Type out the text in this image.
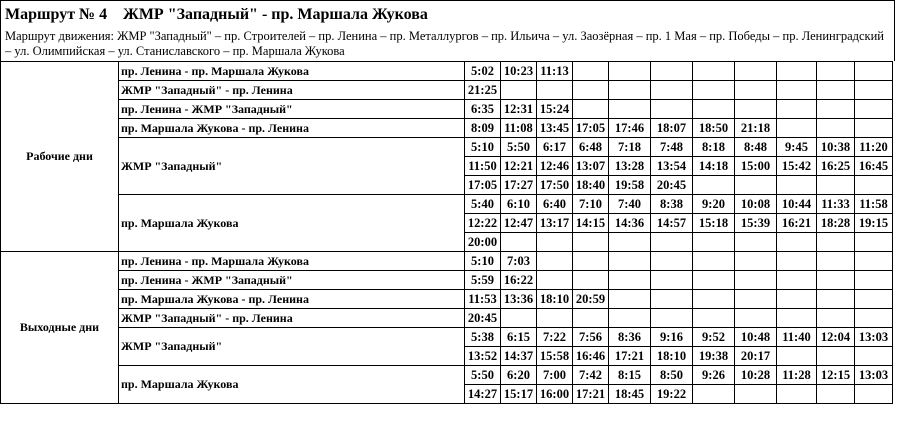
Маршрут № 4 ЖМР "Западный" - пр. Маршала Жукова
Маршрут движения: ЖМР "Западный" – пр. Строителей – пр. Ленина – пр. Металлургов – пр. Ильича – ул. Заозёрная – пр. 1 Мая – пр. Победы – пр. Ленинградский – ул. Олимпийская – ул. Станиславского – пр. Маршала Жукова
Рабочие дни	пр. Ленина - пр. Маршала Жукова	5:02	10:23	11:13								
	ЖМР "Западный" - пр. Ленина	21:25										
	пр. Ленина - ЖМР "Западный"	6:35	12:31	15:24								
	пр. Маршала Жукова - пр. Ленина	8:09	11:08	13:45	17:05	17:46	18:07	18:50	21:18			
	ЖМР "Западный"	5:10	5:50	6:17	6:48	7:18	7:48	8:18	8:48	9:45	10:38	11:20
		11:50	12:21	12:46	13:07	13:28	13:54	14:18	15:00	15:42	16:25	16:45
		17:05	17:27	17:50	18:40	19:58	20:45					
	пр. Маршала Жукова	5:40	6:10	6:40	7:10	7:40	8:38	9:20	10:08	10:44	11:33	11:58
		12:22	12:47	13:17	14:15	14:36	14:57	15:18	15:39	16:21	18:28	19:15
		20:00										
Выходные дни	пр. Ленина - пр. Маршала Жукова	5:10	7:03									
	пр. Ленина - ЖМР "Западный"	5:59	16:22									
	пр. Маршала Жукова - пр. Ленина	11:53	13:36	18:10	20:59							
	ЖМР "Западный" - пр. Ленина	20:45										
	ЖМР "Западный"	5:38	6:15	7:22	7:56	8:36	9:16	9:52	10:48	11:40	12:04	13:03
		13:52	14:37	15:58	16:46	17:21	18:10	19:38	20:17			
	пр. Маршала Жукова	5:50	6:20	7:00	7:42	8:15	8:50	9:26	10:28	11:28	12:15	13:03
		14:27	15:17	16:00	17:21	18:45	19:22					
